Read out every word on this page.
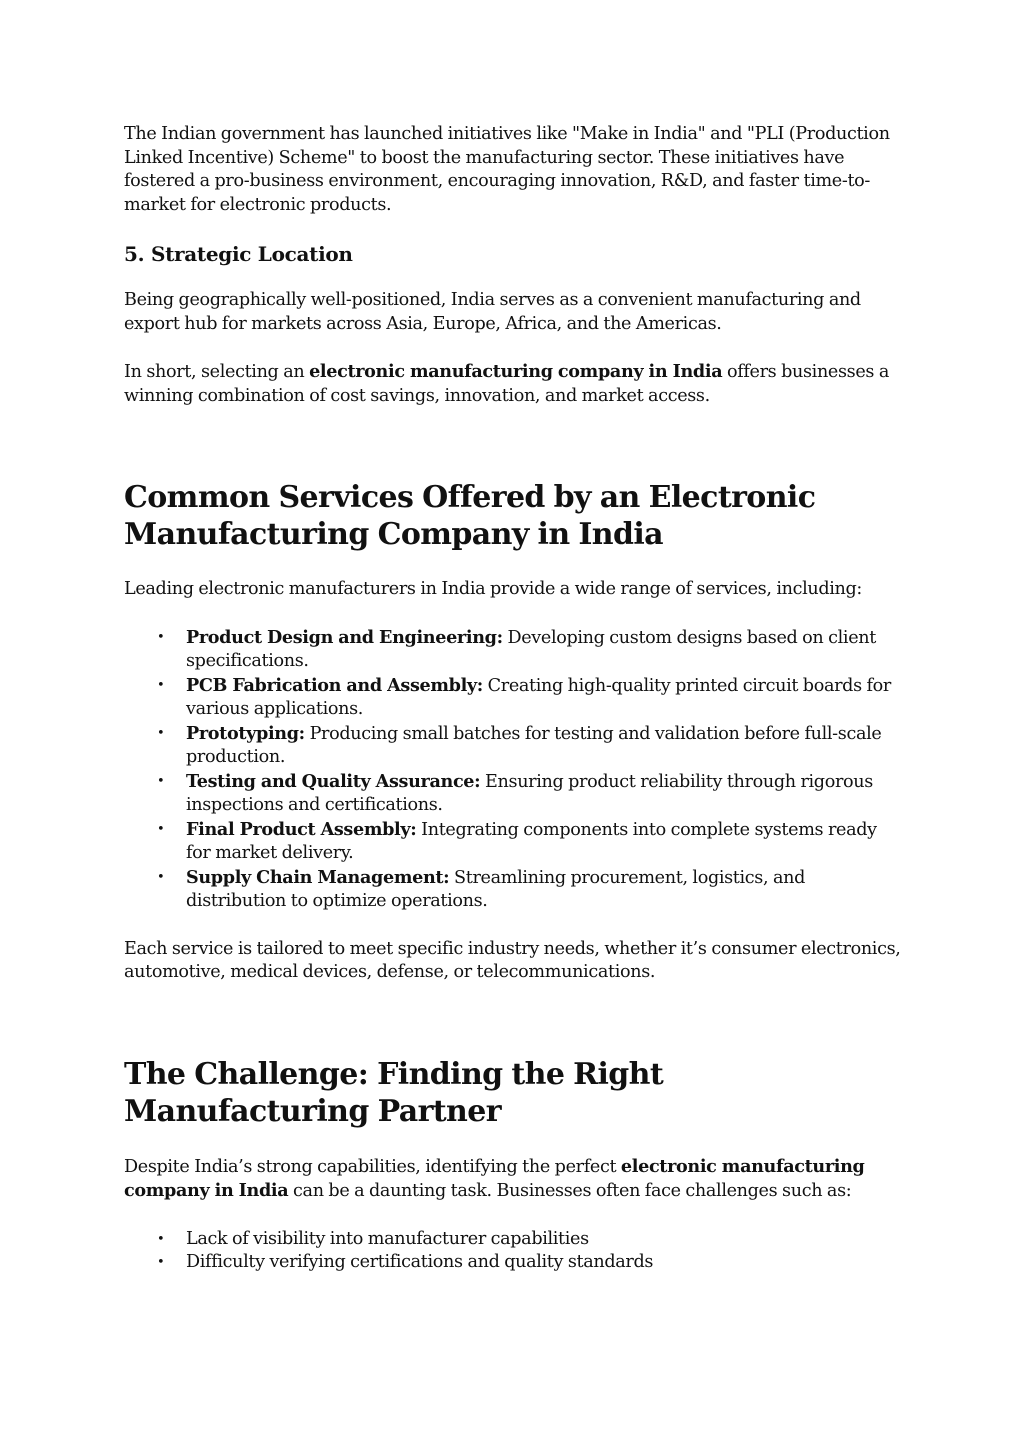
The Indian government has launched initiatives like "Make in India" and "PLI (Production Linked Incentive) Scheme" to boost the manufacturing sector. These initiatives have fostered a pro-business environment, encouraging innovation, R&D, and faster time-to-market for electronic products.

5. Strategic Location

Being geographically well-positioned, India serves as a convenient manufacturing and export hub for markets across Asia, Europe, Africa, and the Americas.

In short, selecting an electronic manufacturing company in India offers businesses a winning combination of cost savings, innovation, and market access.

Common Services Offered by an Electronic Manufacturing Company in India

Leading electronic manufacturers in India provide a wide range of services, including:

• Product Design and Engineering: Developing custom designs based on client specifications.
• PCB Fabrication and Assembly: Creating high-quality printed circuit boards for various applications.
• Prototyping: Producing small batches for testing and validation before full-scale production.
• Testing and Quality Assurance: Ensuring product reliability through rigorous inspections and certifications.
• Final Product Assembly: Integrating components into complete systems ready for market delivery.
• Supply Chain Management: Streamlining procurement, logistics, and distribution to optimize operations.

Each service is tailored to meet specific industry needs, whether it’s consumer electronics, automotive, medical devices, defense, or telecommunications.

The Challenge: Finding the Right Manufacturing Partner

Despite India’s strong capabilities, identifying the perfect electronic manufacturing company in India can be a daunting task. Businesses often face challenges such as:

• Lack of visibility into manufacturer capabilities
• Difficulty verifying certifications and quality standards
